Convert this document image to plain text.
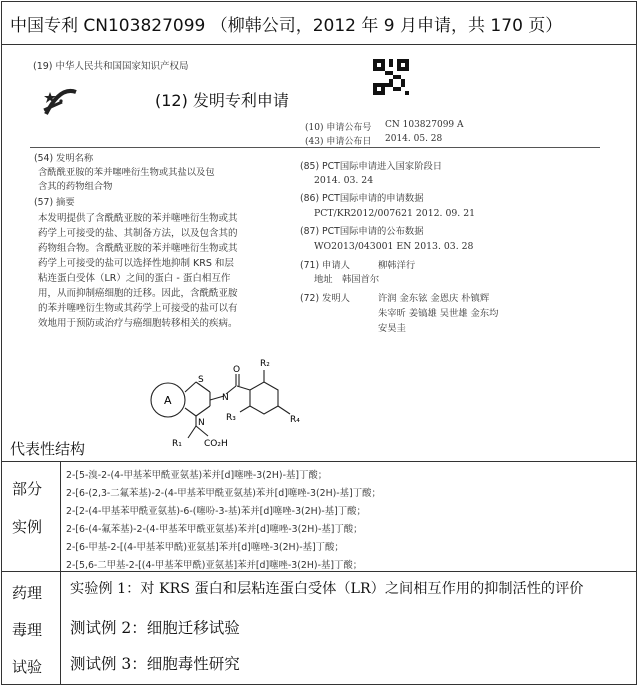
中国专利 CN103827099 （柳韩公司，2012 年 9 月申请，共 170 页）
(19) 中华人民共和国国家知识产权局
(12) 发明专利申请
(10) 申请公布号 CN 103827099 A
(43) 申请公布日 2014. 05. 28
(54) 发明名称
含酰酰亚胺的苯并噻唑衍生物或其盐以及包
含其的药物组合物
(57) 摘要
本发明提供了含酰酰亚胺的苯并噻唑衍生物或其药学上可接受的盐、其制备方法，以及包含其的药物组合物。含酰酰亚胺的苯并噻唑衍生物或其药学上可接受的盐可以选择性地抑制 KRS 和层粘连蛋白受体（LR）之间的蛋白 - 蛋白相互作用，从而抑制癌细胞的迁移。因此，含酰酰亚胺的苯并噻唑衍生物或其药学上可接受的盐可以有效地用于预防或治疗与癌细胞转移相关的疾病。
(85) PCT国际申请进入国家阶段日
2014. 03. 24
(86) PCT国际申请的申请数据
PCT/KR2012/007621 2012. 09. 21
(87) PCT国际申请的公布数据
WO2013/043001 EN 2013. 03. 28
(71) 申请人	柳韩洋行
地址 韩国首尔
(72) 发明人	许润 金东铉 金恩庆 朴镇辉
朱宰昕 姜镐雄 吴世雄 金东均
安昊圭
A
S
N
N
O
R₂
R₄
R₃
R₁ CO₂H
代表性结构
部分
实例
2-[5-溴-2-(4-甲基苯甲酰亚氨基)苯并[d]噻唑-3(2H)-基]丁酸；
2-[6-(2,3-二氟苯基)-2-(4-甲基苯甲酰亚氨基)苯并[d]噻唑-3(2H)-基]丁酸；
2-[2-(4-甲基苯甲酰亚氨基)-6-(噻吩-3-基)苯并[d]噻唑-3(2H)-基]丁酸；
2-[6-(4-氟苯基)-2-(4-甲基苯甲酰亚氨基)苯并[d]噻唑-3(2H)-基]丁酸；
2-[6-甲基-2-[(4-甲基苯甲酰)亚氨基]苯并[d]噻唑-3(2H)-基]丁酸；
2-[5,6-二甲基-2-[(4-甲基苯甲酰)亚氨基]苯并[d]噻唑-3(2H)-基]丁酸；
药理
毒理
试验
实验例 1：对 KRS 蛋白和层粘连蛋白受体（LR）之间相互作用的抑制活性的评价
测试例 2：细胞迁移试验
测试例 3：细胞毒性研究
